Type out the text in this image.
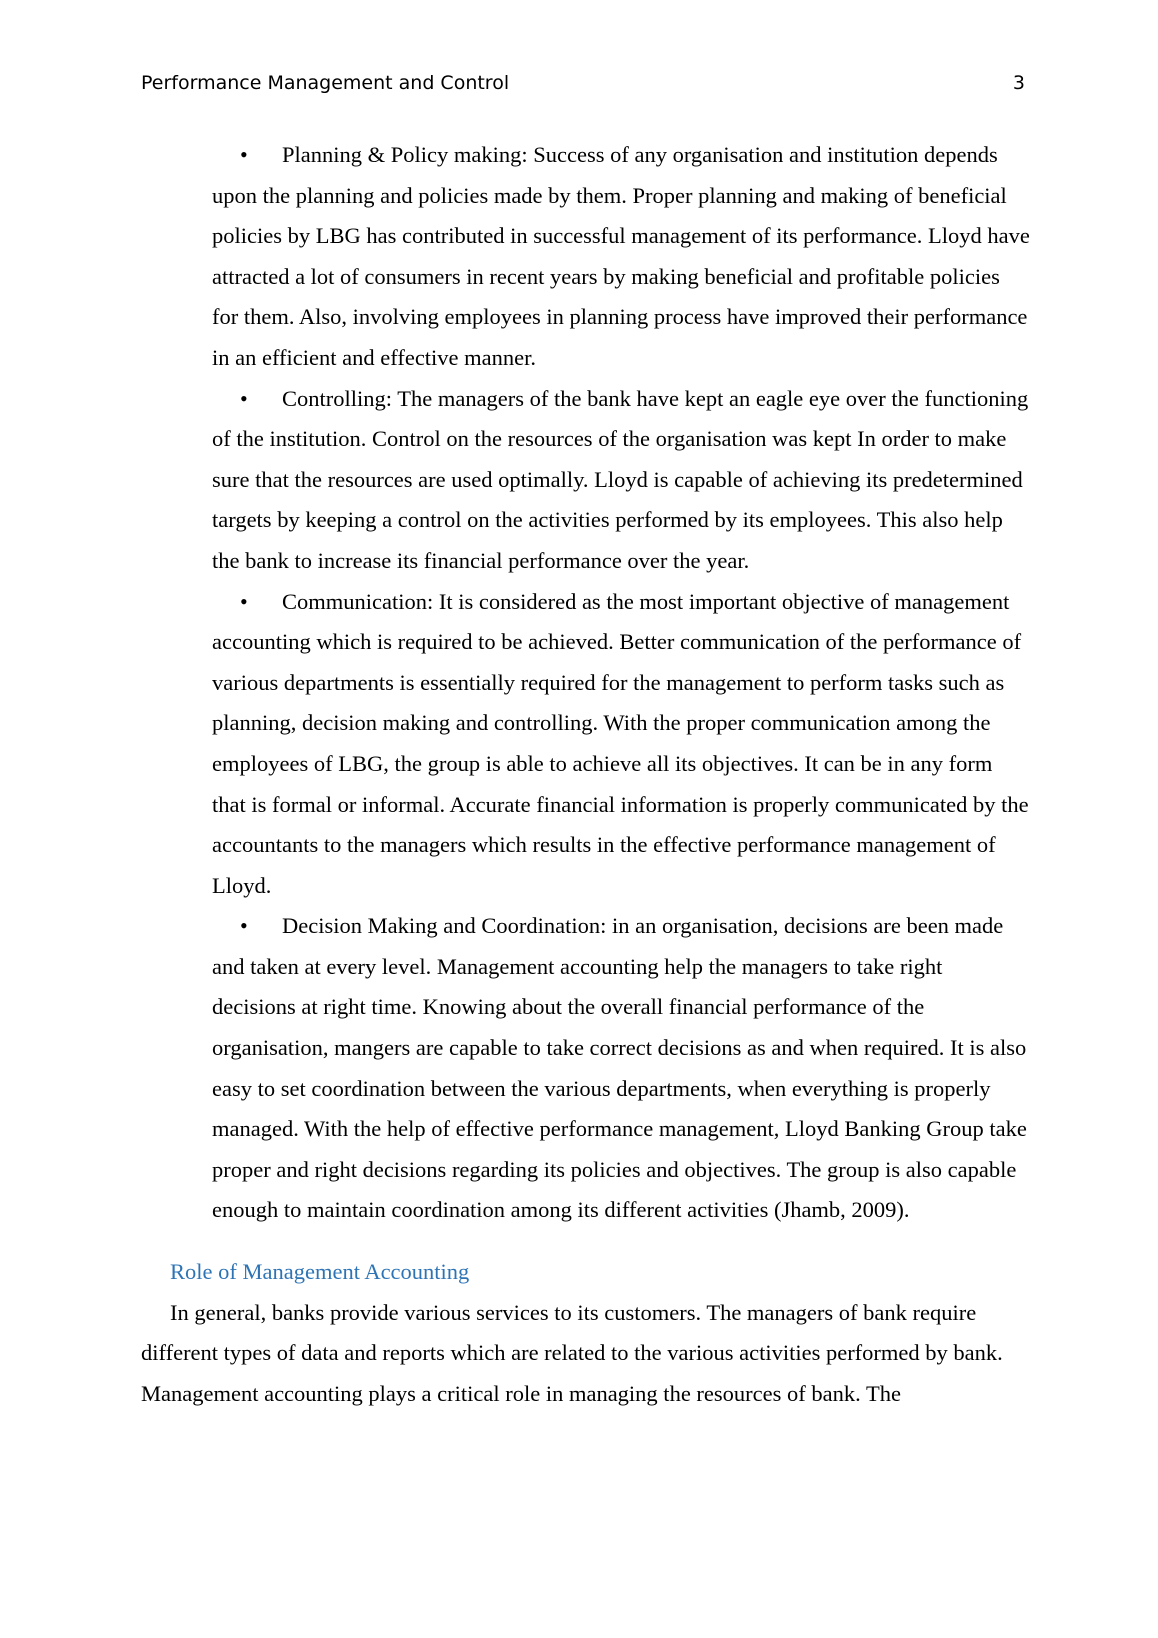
Performance Management and Control	3
• Planning & Policy making: Success of any organisation and institution depends upon the planning and policies made by them. Proper planning and making of beneficial policies by LBG has contributed in successful management of its performance. Lloyd have attracted a lot of consumers in recent years by making beneficial and profitable policies for them. Also, involving employees in planning process have improved their performance in an efficient and effective manner.
• Controlling: The managers of the bank have kept an eagle eye over the functioning of the institution. Control on the resources of the organisation was kept In order to make sure that the resources are used optimally. Lloyd is capable of achieving its predetermined targets by keeping a control on the activities performed by its employees. This also help the bank to increase its financial performance over the year.
• Communication: It is considered as the most important objective of management accounting which is required to be achieved. Better communication of the performance of various departments is essentially required for the management to perform tasks such as planning, decision making and controlling. With the proper communication among the employees of LBG, the group is able to achieve all its objectives. It can be in any form that is formal or informal. Accurate financial information is properly communicated by the accountants to the managers which results in the effective performance management of Lloyd.
• Decision Making and Coordination: in an organisation, decisions are been made and taken at every level. Management accounting help the managers to take right decisions at right time. Knowing about the overall financial performance of the organisation, mangers are capable to take correct decisions as and when required. It is also easy to set coordination between the various departments, when everything is properly managed. With the help of effective performance management, Lloyd Banking Group take proper and right decisions regarding its policies and objectives. The group is also capable enough to maintain coordination among its different activities (Jhamb, 2009).
Role of Management Accounting

In general, banks provide various services to its customers. The managers of bank require different types of data and reports which are related to the various activities performed by bank. Management accounting plays a critical role in managing the resources of bank. The
